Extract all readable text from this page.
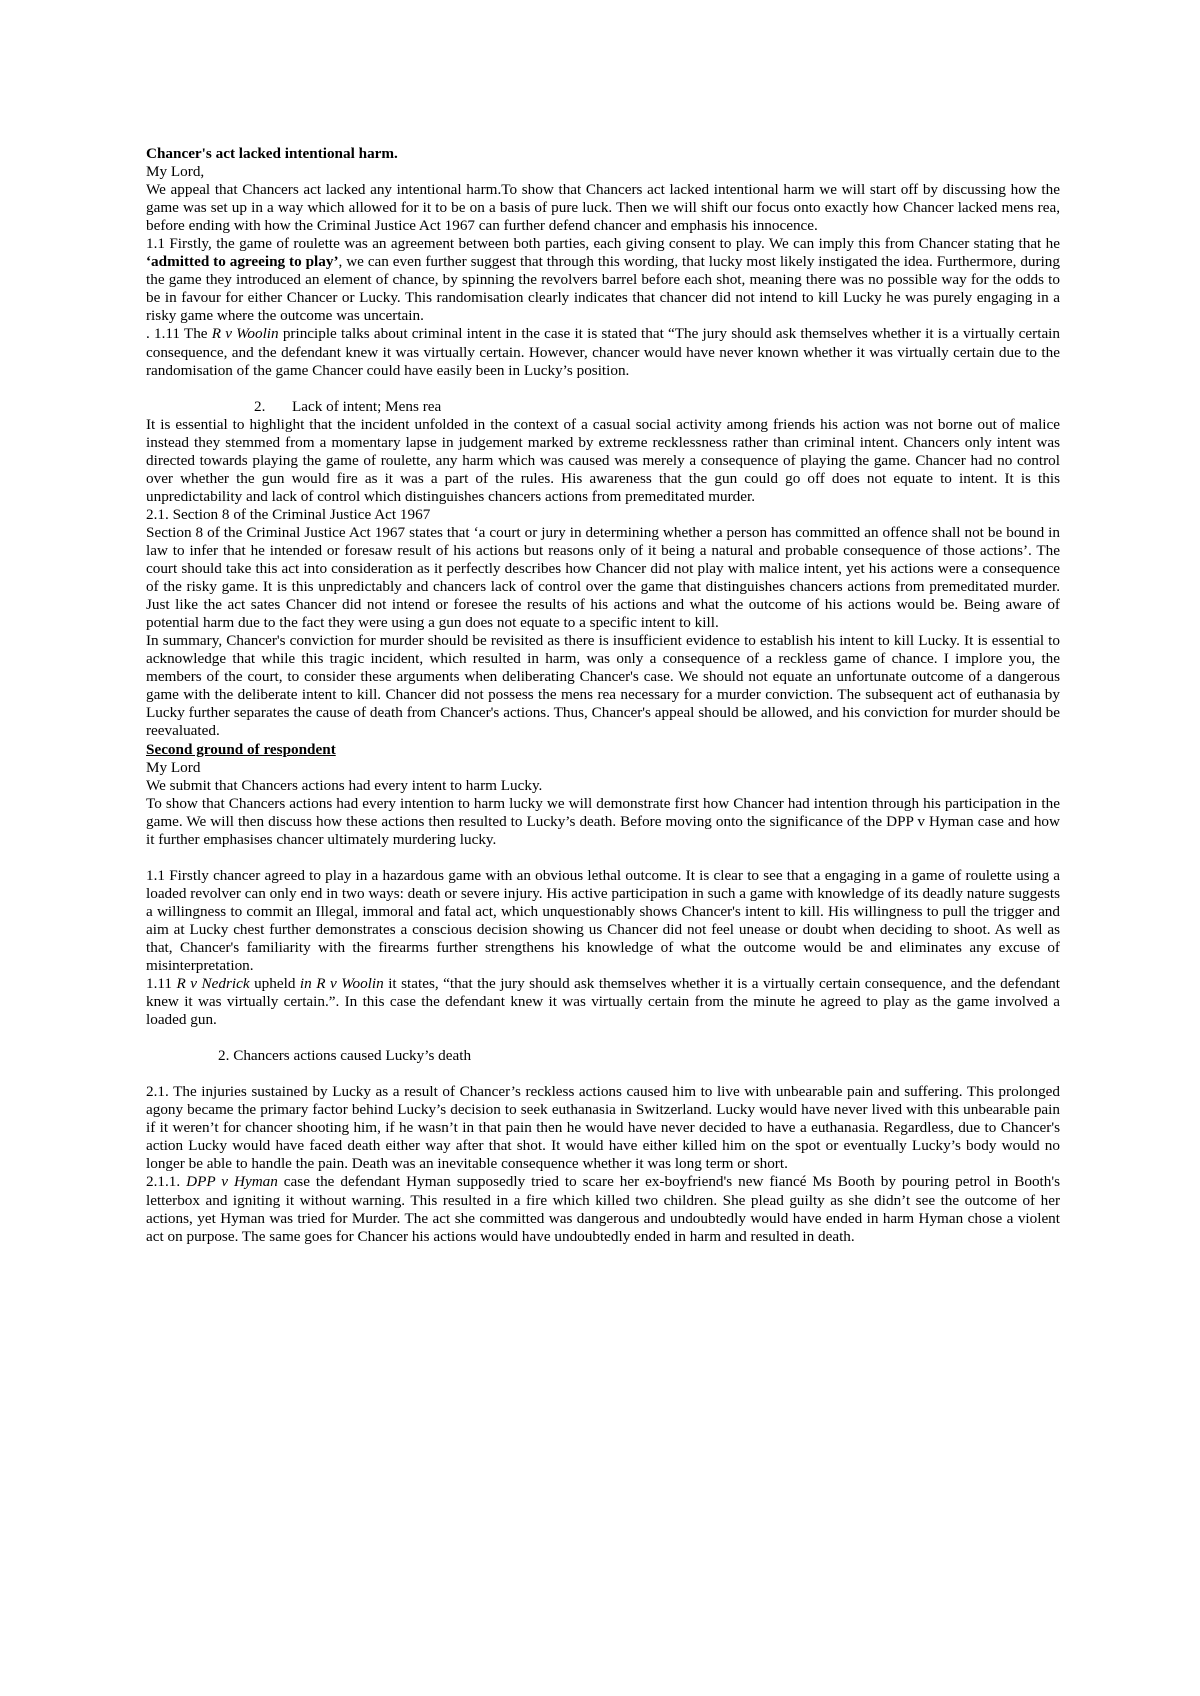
Chancer's act lacked intentional harm.

My Lord,

We appeal that Chancers act lacked any intentional harm.To show that Chancers act lacked intentional harm we will start off by discussing how the game was set up in a way which allowed for it to be on a basis of pure luck. Then we will shift our focus onto exactly how Chancer lacked mens rea, before ending with how the Criminal Justice Act 1967 can further defend chancer and emphasis his innocence.

1.1 Firstly, the game of roulette was an agreement between both parties, each giving consent to play. We can imply this from Chancer stating that he ‘admitted to agreeing to play’, we can even further suggest that through this wording, that lucky most likely instigated the idea. Furthermore, during the game they introduced an element of chance, by spinning the revolvers barrel before each shot, meaning there was no possible way for the odds to be in favour for either Chancer or Lucky. This randomisation clearly indicates that chancer did not intend to kill Lucky he was purely engaging in a risky game where the outcome was uncertain.

. 1.11 The R v Woolin principle talks about criminal intent in the case it is stated that “The jury should ask themselves whether it is a virtually certain consequence, and the defendant knew it was virtually certain. However, chancer would have never known whether it was virtually certain due to the randomisation of the game Chancer could have easily been in Lucky’s position.

2. Lack of intent; Mens rea

It is essential to highlight that the incident unfolded in the context of a casual social activity among friends his action was not borne out of malice instead they stemmed from a momentary lapse in judgement marked by extreme recklessness rather than criminal intent. Chancers only intent was directed towards playing the game of roulette, any harm which was caused was merely a consequence of playing the game. Chancer had no control over whether the gun would fire as it was a part of the rules. His awareness that the gun could go off does not equate to intent. It is this unpredictability and lack of control which distinguishes chancers actions from premeditated murder.

2.1. Section 8 of the Criminal Justice Act 1967

Section 8 of the Criminal Justice Act 1967 states that ‘a court or jury in determining whether a person has committed an offence shall not be bound in law to infer that he intended or foresaw result of his actions but reasons only of it being a natural and probable consequence of those actions’. The court should take this act into consideration as it perfectly describes how Chancer did not play with malice intent, yet his actions were a consequence of the risky game. It is this unpredictably and chancers lack of control over the game that distinguishes chancers actions from premeditated murder. Just like the act sates Chancer did not intend or foresee the results of his actions and what the outcome of his actions would be. Being aware of potential harm due to the fact they were using a gun does not equate to a specific intent to kill.

In summary, Chancer's conviction for murder should be revisited as there is insufficient evidence to establish his intent to kill Lucky. It is essential to acknowledge that while this tragic incident, which resulted in harm, was only a consequence of a reckless game of chance. I implore you, the members of the court, to consider these arguments when deliberating Chancer's case. We should not equate an unfortunate outcome of a dangerous game with the deliberate intent to kill. Chancer did not possess the mens rea necessary for a murder conviction. The subsequent act of euthanasia by Lucky further separates the cause of death from Chancer's actions. Thus, Chancer's appeal should be allowed, and his conviction for murder should be reevaluated.

Second ground of respondent

My Lord

We submit that Chancers actions had every intent to harm Lucky.

To show that Chancers actions had every intention to harm lucky we will demonstrate first how Chancer had intention through his participation in the game. We will then discuss how these actions then resulted to Lucky’s death. Before moving onto the significance of the DPP v Hyman case and how it further emphasises chancer ultimately murdering lucky.

1.1 Firstly chancer agreed to play in a hazardous game with an obvious lethal outcome. It is clear to see that a engaging in a game of roulette using a loaded revolver can only end in two ways: death or severe injury. His active participation in such a game with knowledge of its deadly nature suggests a willingness to commit an Illegal, immoral and fatal act, which unquestionably shows Chancer's intent to kill. His willingness to pull the trigger and aim at Lucky chest further demonstrates a conscious decision showing us Chancer did not feel unease or doubt when deciding to shoot. As well as that, Chancer's familiarity with the firearms further strengthens his knowledge of what the outcome would be and eliminates any excuse of misinterpretation.

1.11 R v Nedrick upheld in R v Woolin it states, “that the jury should ask themselves whether it is a virtually certain consequence, and the defendant knew it was virtually certain.”. In this case the defendant knew it was virtually certain from the minute he agreed to play as the game involved a loaded gun.

2. Chancers actions caused Lucky’s death

2.1. The injuries sustained by Lucky as a result of Chancer’s reckless actions caused him to live with unbearable pain and suffering. This prolonged agony became the primary factor behind Lucky’s decision to seek euthanasia in Switzerland. Lucky would have never lived with this unbearable pain if it weren’t for chancer shooting him, if he wasn’t in that pain then he would have never decided to have a euthanasia. Regardless, due to Chancer's action Lucky would have faced death either way after that shot. It would have either killed him on the spot or eventually Lucky’s body would no longer be able to handle the pain. Death was an inevitable consequence whether it was long term or short.

2.1.1. DPP v Hyman case the defendant Hyman supposedly tried to scare her ex-boyfriend's new fiancé Ms Booth by pouring petrol in Booth's letterbox and igniting it without warning. This resulted in a fire which killed two children. She plead guilty as she didn’t see the outcome of her actions, yet Hyman was tried for Murder. The act she committed was dangerous and undoubtedly would have ended in harm Hyman chose a violent act on purpose. The same goes for Chancer his actions would have undoubtedly ended in harm and resulted in death.
